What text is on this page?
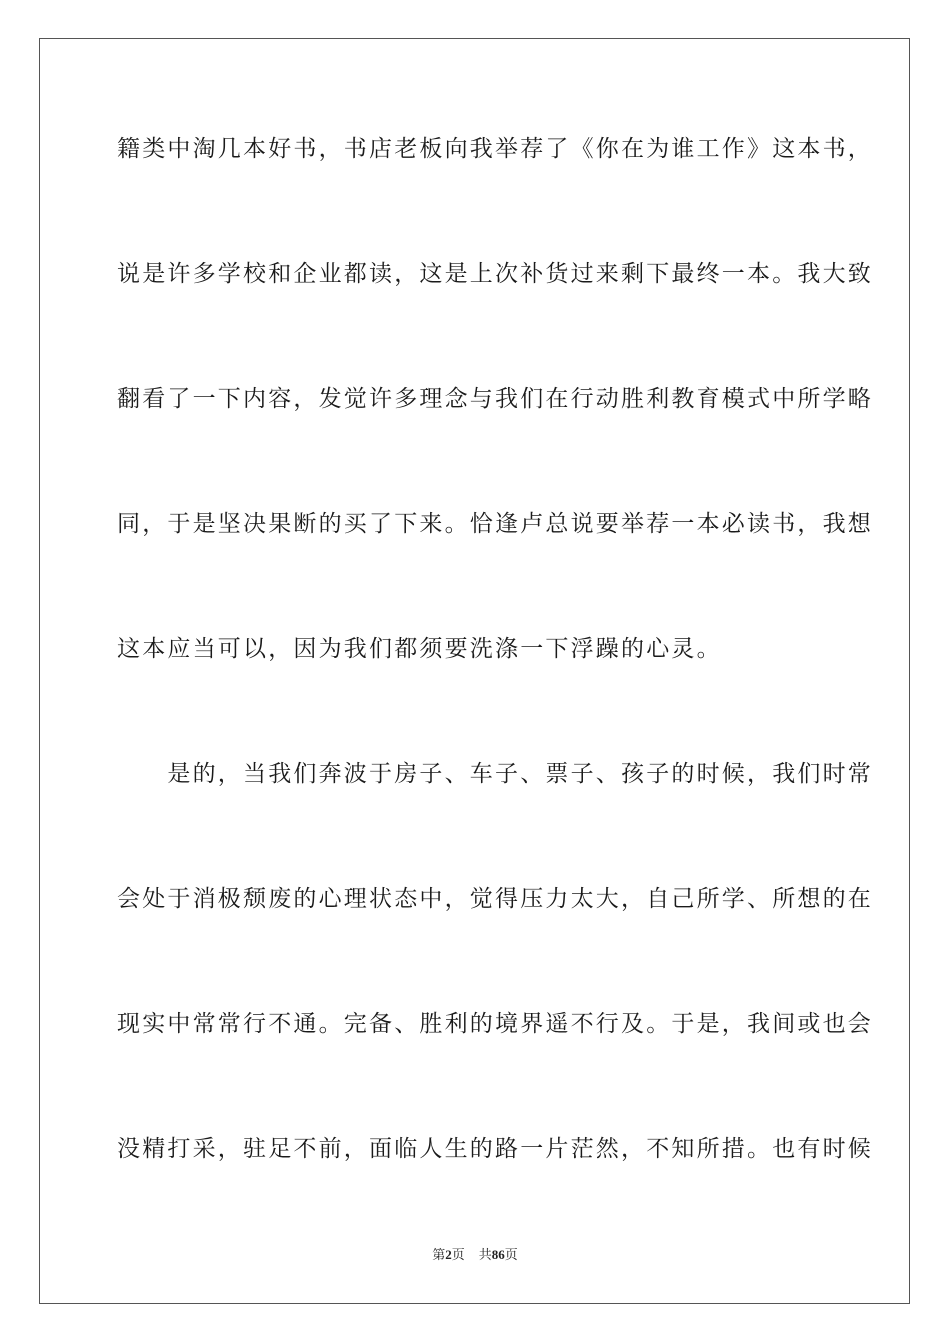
籍类中淘几本好书，书店老板向我举荐了《你在为谁工作》这本书，
说是许多学校和企业都读，这是上次补货过来剩下最终一本。我大致
翻看了一下内容，发觉许多理念与我们在行动胜利教育模式中所学略
同，于是坚决果断的买了下来。恰逢卢总说要举荐一本必读书，我想
这本应当可以，因为我们都须要洗涤一下浮躁的心灵。
　　是的，当我们奔波于房子、车子、票子、孩子的时候，我们时常
会处于消极颓废的心理状态中，觉得压力太大，自己所学、所想的在
现实中常常行不通。完备、胜利的境界遥不行及。于是，我间或也会
没精打采，驻足不前，面临人生的路一片茫然，不知所措。也有时候
第2页 共86页
